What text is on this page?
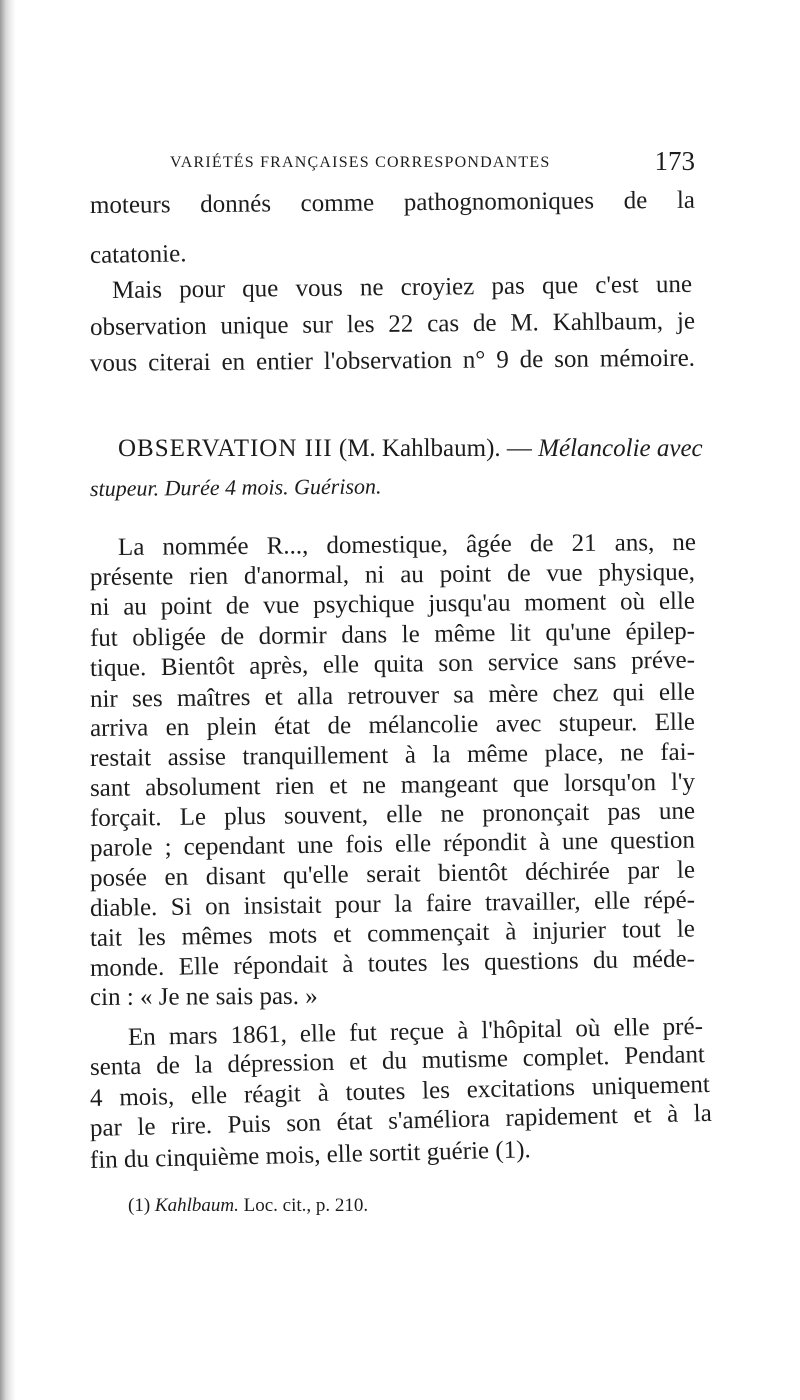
VARIÉTÉS FRANÇAISES CORRESPONDANTES	173
moteurs donnés comme pathognomoniques de la
catatonie.
Mais pour que vous ne croyiez pas que c'est une
observation unique sur les 22 cas de M. Kahlbaum, je
vous citerai en entier l'observation n° 9 de son mémoire.
OBSERVATION III (M. Kahlbaum). — Mélancolie avec
stupeur. Durée 4 mois. Guérison.
La nommée R..., domestique, âgée de 21 ans, ne
présente rien d'anormal, ni au point de vue physique,
ni au point de vue psychique jusqu'au moment où elle
fut obligée de dormir dans le même lit qu'une épilep-
tique. Bientôt après, elle quita son service sans préve-
nir ses maîtres et alla retrouver sa mère chez qui elle
arriva en plein état de mélancolie avec stupeur. Elle
restait assise tranquillement à la même place, ne fai-
sant absolument rien et ne mangeant que lorsqu'on l'y
forçait. Le plus souvent, elle ne prononçait pas une
parole ; cependant une fois elle répondit à une question
posée en disant qu'elle serait bientôt déchirée par le
diable. Si on insistait pour la faire travailler, elle répé-
tait les mêmes mots et commençait à injurier tout le
monde. Elle répondait à toutes les questions du méde-
cin : « Je ne sais pas. »
En mars 1861, elle fut reçue à l'hôpital où elle pré-
senta de la dépression et du mutisme complet. Pendant
4 mois, elle réagit à toutes les excitations uniquement
par le rire. Puis son état s'améliora rapidement et à la
fin du cinquième mois, elle sortit guérie (1).
(1) Kahlbaum. Loc. cit., p. 210.
